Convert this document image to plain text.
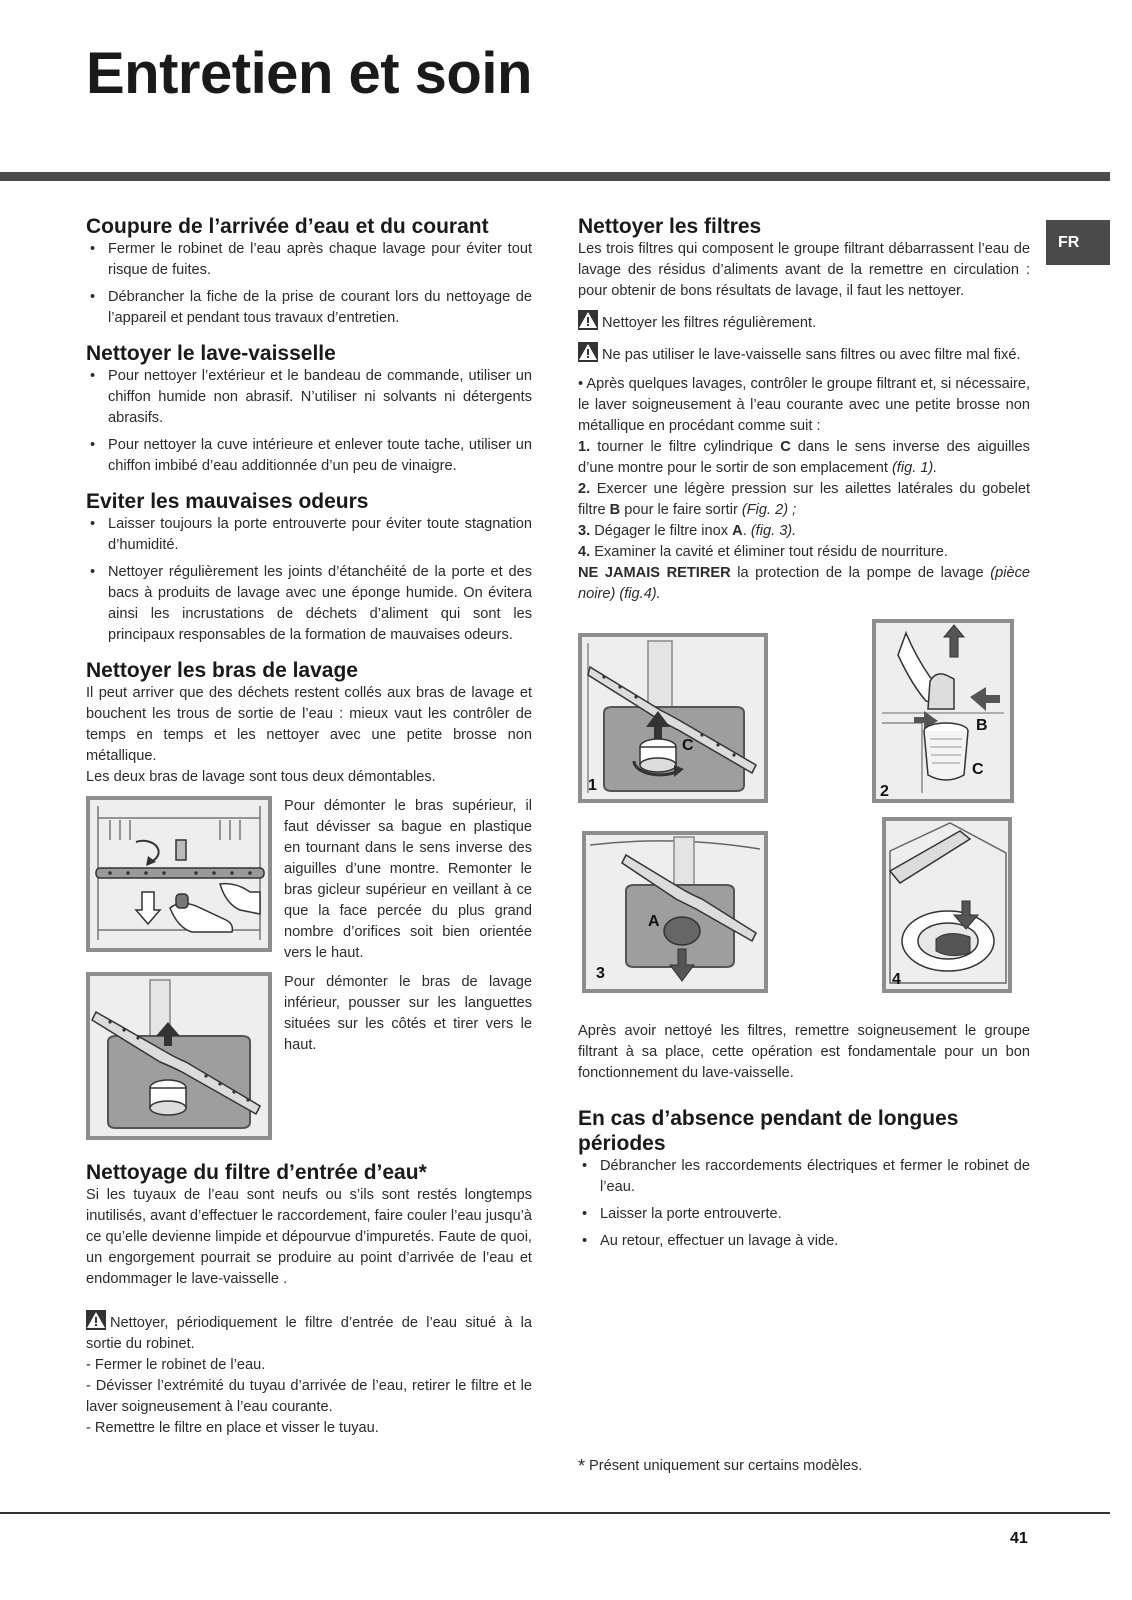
Entretien et soin
FR
Coupure de l’arrivée d’eau et du courant
• Fermer le robinet de l’eau après chaque lavage pour éviter tout risque de fuites.
• Débrancher la fiche de la prise de courant lors du nettoyage de l’appareil et pendant tous travaux d’entretien.
Nettoyer le lave-vaisselle
• Pour nettoyer l’extérieur et le bandeau de commande, utiliser un chiffon humide non abrasif. N’utiliser ni solvants ni détergents abrasifs.
• Pour nettoyer la cuve intérieure et enlever toute tache, utiliser un chiffon imbibé d’eau additionnée d’un peu de vinaigre.
Eviter les mauvaises odeurs
• Laisser toujours la porte entrouverte pour éviter toute stagnation d’humidité.
• Nettoyer régulièrement les joints d’étanchéité de la porte et des bacs à produits de lavage avec une éponge humide. On évitera ainsi les incrustations de déchets d’aliment qui sont les principaux responsables de la formation de mauvaises odeurs.
Nettoyer les bras de lavage

Il peut arriver que des déchets restent collés aux bras de lavage et bouchent les trous de sortie de l’eau : mieux vaut les contrôler de temps en temps et les nettoyer avec une petite brosse non métallique.

Les deux bras de lavage sont tous deux démontables.

Pour démonter le bras supérieur, il faut dévisser sa bague en plastique en tournant dans le sens inverse des aiguilles d’une montre. Remonter le bras gicleur supérieur en veillant à ce que la face percée du plus grand nombre d’orifices soit bien orientée vers le haut.

Pour démonter le bras de lavage inférieur, pousser sur les languettes situées sur les côtés et tirer vers le haut.

Nettoyage du filtre d’entrée d’eau*

Si les tuyaux de l’eau sont neufs ou s’ils sont restés longtemps inutilisés, avant d’effectuer le raccordement, faire couler l’eau jusqu’à ce qu’elle devienne limpide et dépourvue d’impuretés. Faute de quoi, un engorgement pourrait se produire au point d’arrivée de l’eau et endommager le lave-vaisselle .

Nettoyer, périodiquement le filtre d’entrée de l’eau situé à la sortie du robinet.

- Fermer le robinet de l’eau.

- Dévisser l’extrémité du tuyau d’arrivée de l’eau, retirer le filtre et le laver soigneusement à l’eau courante.

- Remettre le filtre en place et visser le tuyau.

Nettoyer les filtres

Les trois filtres qui composent le groupe filtrant débarrassent l’eau de lavage des résidus d’aliments avant de la remettre en circulation : pour obtenir de bons résultats de lavage, il faut les nettoyer.

Nettoyer les filtres régulièrement.

Ne pas utiliser le lave-vaisselle sans filtres ou avec filtre mal fixé.

• Après quelques lavages, contrôler le groupe filtrant et, si nécessaire, le laver soigneusement à l’eau courante avec une petite brosse non métallique en procédant comme suit :

1. tourner le filtre cylindrique C dans le sens inverse des aiguilles d’une montre pour le sortir de son emplacement (fig. 1).

2. Exercer une légère pression sur les ailettes latérales du gobelet filtre B pour le faire sortir (Fig. 2) ;

3. Dégager le filtre inox A. (fig. 3).

4. Examiner la cavité et éliminer tout résidu de nourriture.

NE JAMAIS RETIRER la protection de la pompe de lavage (pièce noire) (fig.4).

C
1
B
C
2
A
3	4

Après avoir nettoyé les filtres, remettre soigneusement le groupe filtrant à sa place, cette opération est fondamentale pour un bon fonctionnement du lave-vaisselle.

En cas d’absence pendant de longues périodes
• Débrancher les raccordements électriques et fermer le robinet de l’eau.
• Laisser la porte entrouverte.
• Au retour, effectuer un lavage à vide.
* Présent uniquement sur certains modèles.
41
